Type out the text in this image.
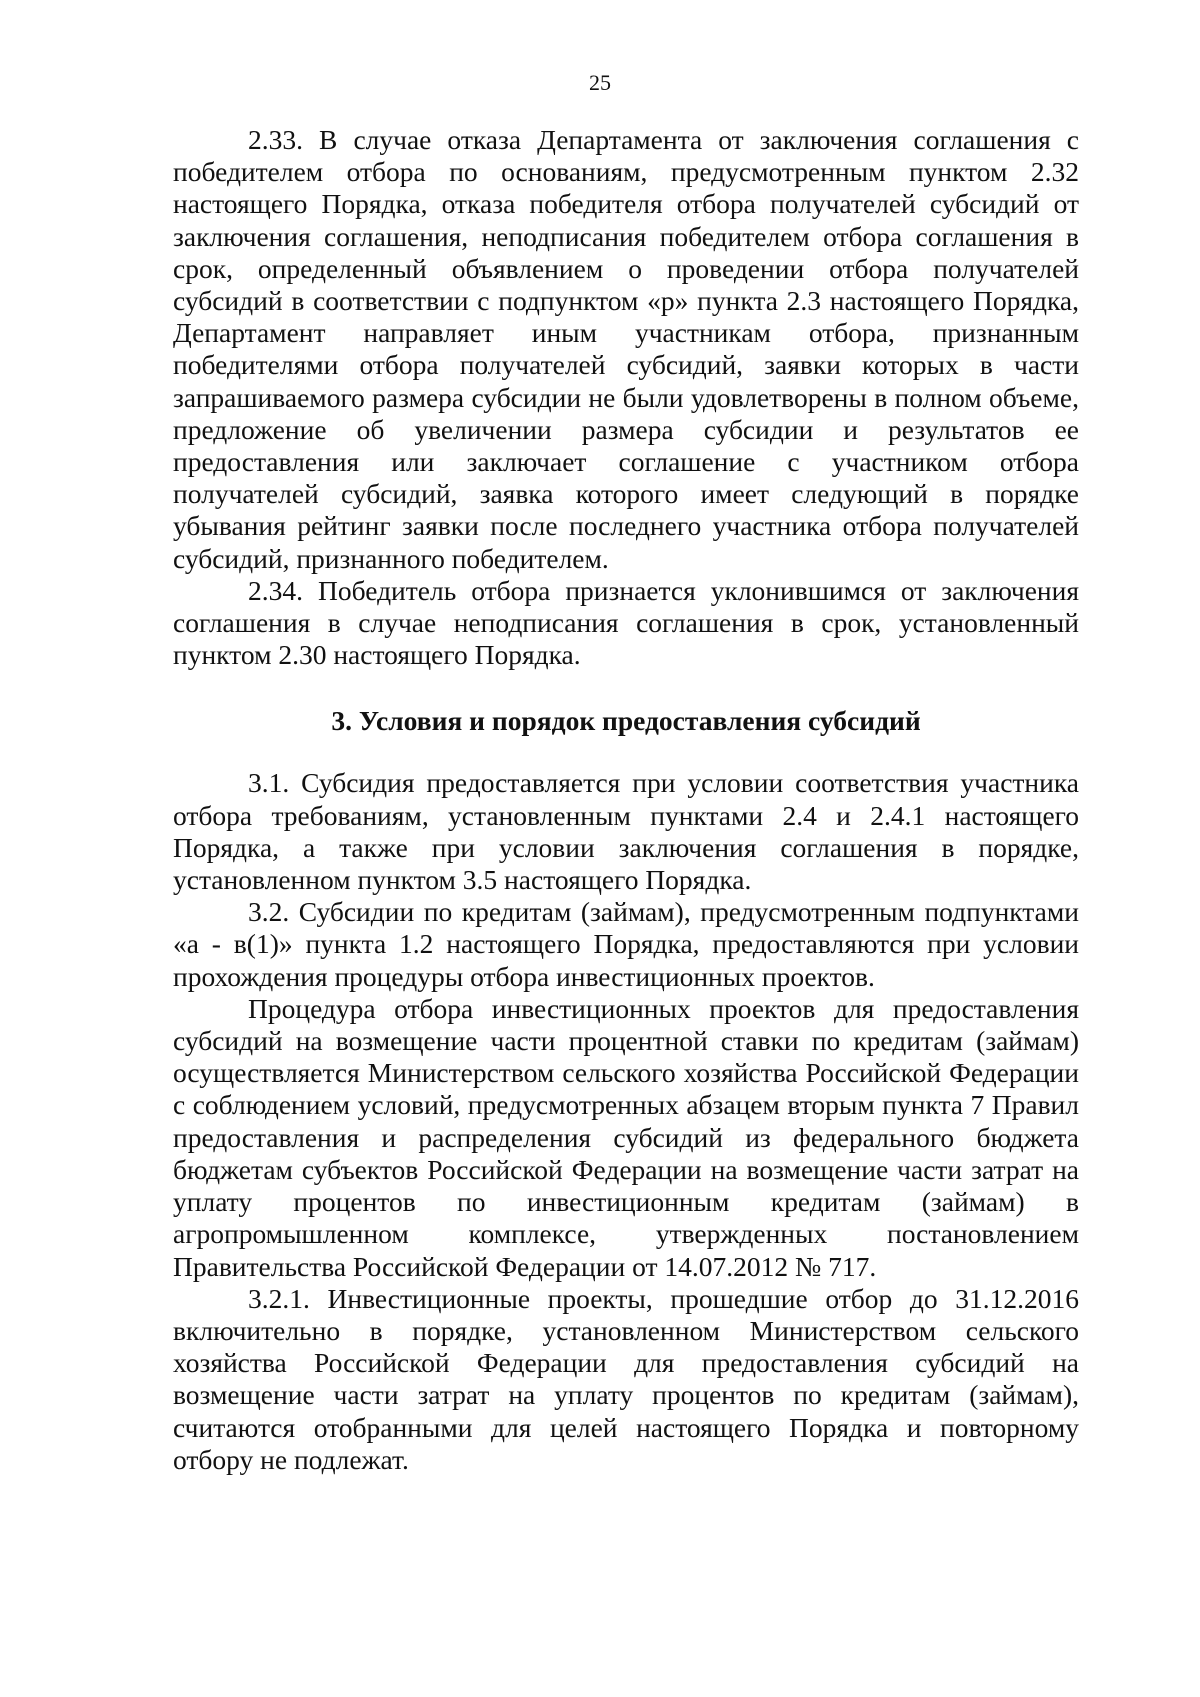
25

2.33. В случае отказа Департамента от заключения соглашения с победителем отбора по основаниям, предусмотренным пунктом 2.32 настоящего Порядка, отказа победителя отбора получателей субсидий от заключения соглашения, неподписания победителем отбора соглашения в срок, определенный объявлением о проведении отбора получателей субсидий в соответствии с подпунктом «р» пункта 2.3 настоящего Порядка, Департамент направляет иным участникам отбора, признанным победителями отбора получателей субсидий, заявки которых в части запрашиваемого размера субсидии не были удовлетворены в полном объеме, предложение об увеличении размера субсидии и результатов ее предоставления или заключает соглашение с участником отбора получателей субсидий, заявка которого имеет следующий в порядке убывания рейтинг заявки после последнего участника отбора получателей субсидий, признанного победителем.

2.34. Победитель отбора признается уклонившимся от заключения соглашения в случае неподписания соглашения в срок, установленный пунктом 2.30 настоящего Порядка.

3. Условия и порядок предоставления субсидий

3.1. Субсидия предоставляется при условии соответствия участника отбора требованиям, установленным пунктами 2.4 и 2.4.1 настоящего Порядка, а также при условии заключения соглашения в порядке, установленном пунктом 3.5 настоящего Порядка.

3.2. Субсидии по кредитам (займам), предусмотренным подпунктами «а - в(1)» пункта 1.2 настоящего Порядка, предоставляются при условии прохождения процедуры отбора инвестиционных проектов.

Процедура отбора инвестиционных проектов для предоставления субсидий на возмещение части процентной ставки по кредитам (займам) осуществляется Министерством сельского хозяйства Российской Федерации с соблюдением условий, предусмотренных абзацем вторым пункта 7 Правил предоставления и распределения субсидий из федерального бюджета бюджетам субъектов Российской Федерации на возмещение части затрат на уплату процентов по инвестиционным кредитам (займам) в агропромышленном комплексе, утвержденных постановлением Правительства Российской Федерации от 14.07.2012 № 717.

3.2.1. Инвестиционные проекты, прошедшие отбор до 31.12.2016 включительно в порядке, установленном Министерством сельского хозяйства Российской Федерации для предоставления субсидий на возмещение части затрат на уплату процентов по кредитам (займам), считаются отобранными для целей настоящего Порядка и повторному отбору не подлежат.
